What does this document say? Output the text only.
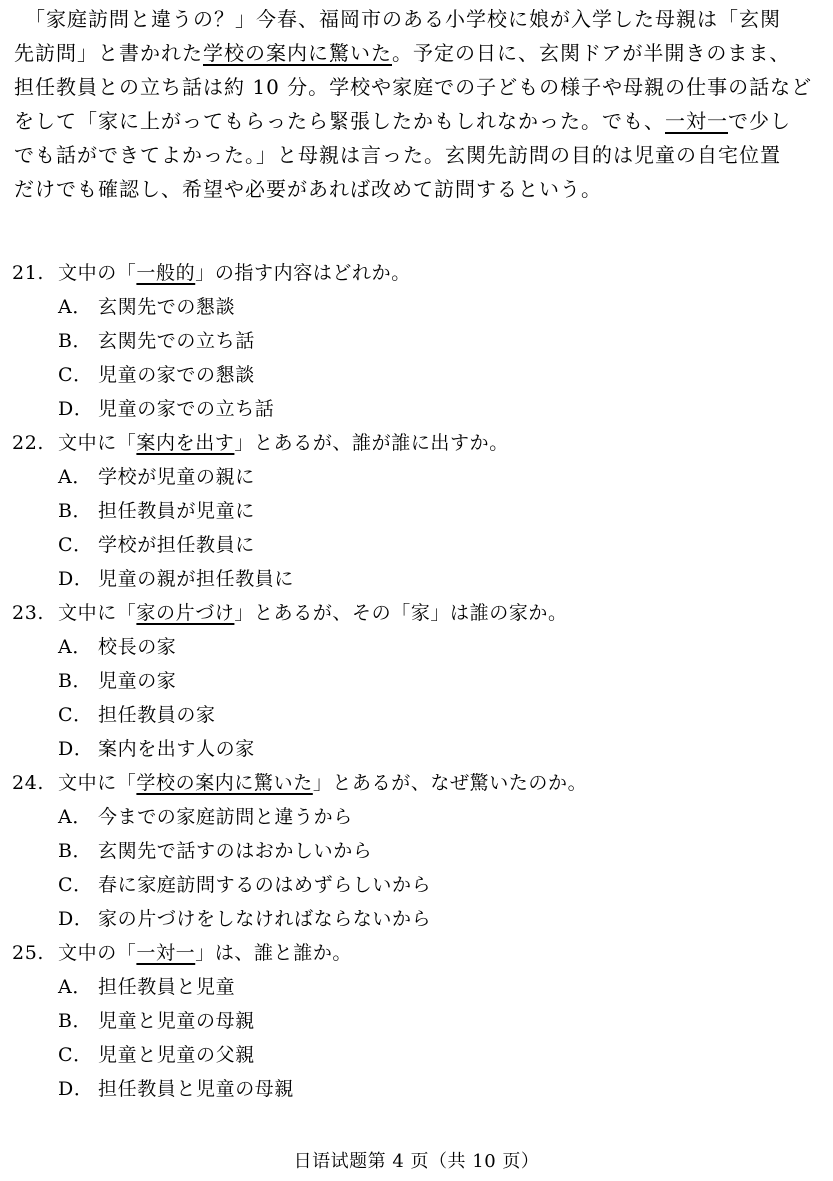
　「家庭訪問と違うの？」今春、福岡市のある小学校に娘が入学した母親は「玄関
先訪問」と書かれた学校の案内に驚いた。予定の日に、玄関ドアが半開きのまま、
担任教員との立ち話は約 10 分。学校や家庭での子どもの様子や母親の仕事の話など
をして「家に上がってもらったら緊張したかもしれなかった。でも、一対一で少し
でも話ができてよかった。」と母親は言った。玄関先訪問の目的は児童の自宅位置
だけでも確認し、希望や必要があれば改めて訪問するという。
21. 文中の「一般的」の指す内容はどれか。
A． 玄関先での懇談
B． 玄関先での立ち話
C． 児童の家での懇談
D． 児童の家での立ち話
22. 文中に「案内を出す」とあるが、誰が誰に出すか。
A． 学校が児童の親に
B． 担任教員が児童に
C． 学校が担任教員に
D． 児童の親が担任教員に
23. 文中に「家の片づけ」とあるが、その「家」は誰の家か。
A． 校長の家
B． 児童の家
C． 担任教員の家
D． 案内を出す人の家
24. 文中に「学校の案内に驚いた」とあるが、なぜ驚いたのか。
A． 今までの家庭訪問と違うから
B． 玄関先で話すのはおかしいから
C． 春に家庭訪問するのはめずらしいから
D． 家の片づけをしなければならないから
25. 文中の「一対一」は、誰と誰か。
A． 担任教員と児童
B． 児童と児童の母親
C． 児童と児童の父親
D． 担任教員と児童の母親
日语试题第 4 页（共 10 页）
